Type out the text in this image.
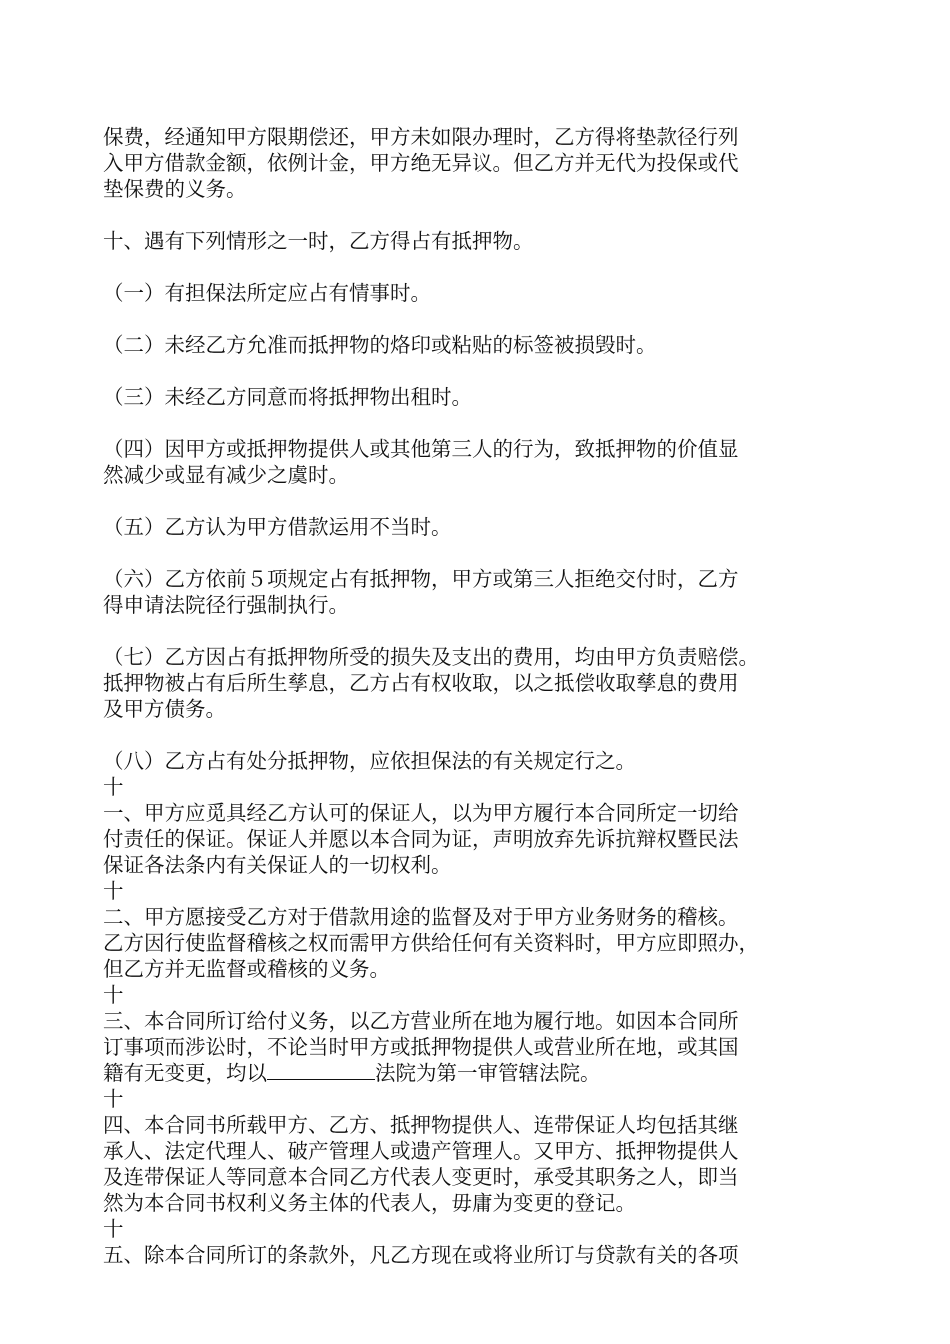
保费，经通知甲方限期偿还，甲方未如限办理时，乙方得将垫款径行列
入甲方借款金额，依例计金，甲方绝无异议。但乙方并无代为投保或代
垫保费的义务。
十、遇有下列情形之一时，乙方得占有抵押物。
（一）有担保法所定应占有情事时。
（二）未经乙方允准而抵押物的烙印或粘贴的标签被损毁时。
（三）未经乙方同意而将抵押物出租时。
（四）因甲方或抵押物提供人或其他第三人的行为，致抵押物的价值显
然减少或显有减少之虞时。
（五）乙方认为甲方借款运用不当时。
（六）乙方依前５项规定占有抵押物，甲方或第三人拒绝交付时，乙方
得申请法院径行强制执行。
（七）乙方因占有抵押物所受的损失及支出的费用，均由甲方负责赔偿。
抵押物被占有后所生孳息，乙方占有权收取，以之抵偿收取孳息的费用
及甲方债务。
（八）乙方占有处分抵押物，应依担保法的有关规定行之。
十
一、甲方应觅具经乙方认可的保证人，以为甲方履行本合同所定一切给
付责任的保证。保证人并愿以本合同为证，声明放弃先诉抗辩权暨民法
保证各法条内有关保证人的一切权利。
十
二、甲方愿接受乙方对于借款用途的监督及对于甲方业务财务的稽核。
乙方因行使监督稽核之权而需甲方供给任何有关资料时，甲方应即照办，
但乙方并无监督或稽核的义务。
十
三、本合同所订给付义务，以乙方营业所在地为履行地。如因本合同所
订事项而涉讼时，不论当时甲方或抵押物提供人或营业所在地，或其国
籍有无变更，均以	法院为第一审管辖法院。
十
四、本合同书所载甲方、乙方、抵押物提供人、连带保证人均包括其继
承人、法定代理人、破产管理人或遗产管理人。又甲方、抵押物提供人
及连带保证人等同意本合同乙方代表人变更时，承受其职务之人，即当
然为本合同书权利义务主体的代表人，毋庸为变更的登记。
十
五、除本合同所订的条款外，凡乙方现在或将业所订与贷款有关的各项
